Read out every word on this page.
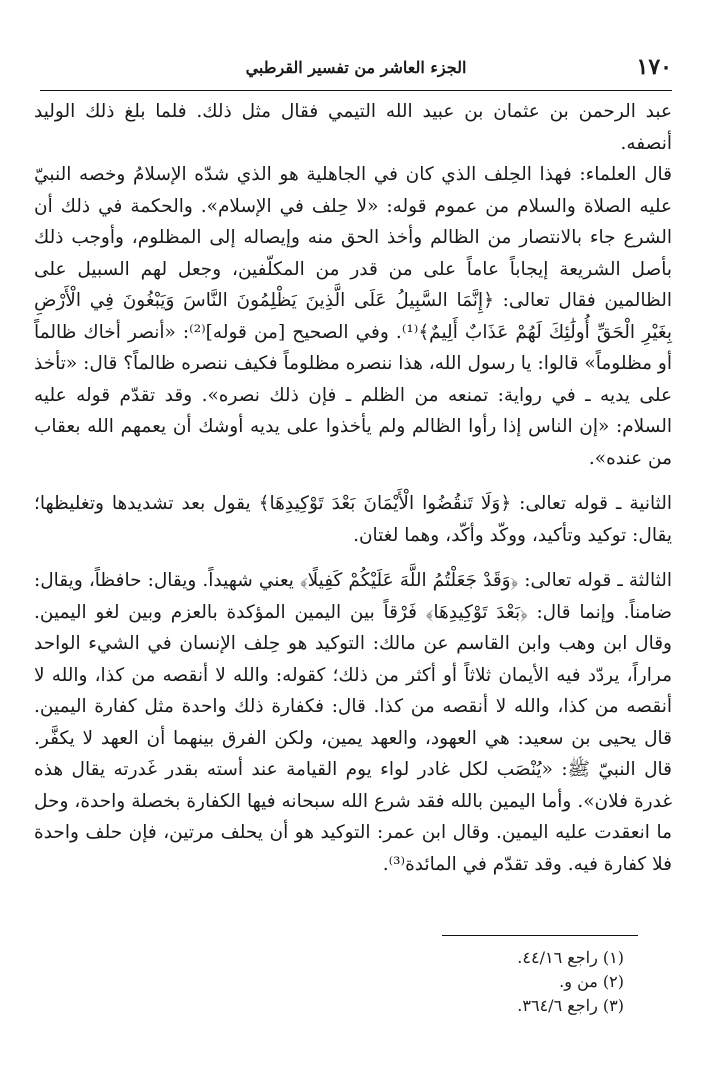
١٧٠
الجزء العاشر من تفسير القرطبي

عبد الرحمن بن عثمان بن عبيد الله التيمي فقال مثل ذلك. فلما بلغ ذلك الوليد أنصفه.

قال العلماء: فهذا الحِلف الذي كان في الجاهلية هو الذي شدّه الإسلامُ وخصه النبيّ عليه الصلاة والسلام من عموم قوله: «لا حِلف في الإسلام». والحكمة في ذلك أن الشرع جاء بالانتصار من الظالم وأخذ الحق منه وإيصاله إلى المظلوم، وأوجب ذلك بأصل الشريعة إيجاباً عاماً على من قدر من المكلّفين، وجعل لهم السبيل على الظالمين فقال تعالى: ﴿إِنَّمَا السَّبِيلُ عَلَى الَّذِينَ يَظْلِمُونَ النَّاسَ وَيَبْغُونَ فِي الْأَرْضِ بِغَيْرِ الْحَقِّ أُولَٰئِكَ لَهُمْ عَذَابٌ أَلِيمٌ﴾⁽¹⁾. وفي الصحيح [من قوله]⁽²⁾: «أنصر أخاك ظالماً أو مظلوماً» قالوا: يا رسول الله، هذا ننصره مظلوماً فكيف ننصره ظالماً؟ قال: «تأخذ على يديه ـ في رواية: تمنعه من الظلم ـ فإن ذلك نصره». وقد تقدّم قوله عليه السلام: «إن الناس إذا رأوا الظالم ولم يأخذوا على يديه أوشك أن يعمهم الله بعقاب من عنده».

الثانية ـ قوله تعالى: ﴿وَلَا تَنقُضُوا الْأَيْمَانَ بَعْدَ تَوْكِيدِهَا﴾ يقول بعد تشديدها وتغليظها؛ يقال: توكيد وتأكيد، ووكّد وأكّد، وهما لغتان.

الثالثة ـ قوله تعالى: ﴿وَقَدْ جَعَلْتُمُ اللَّهَ عَلَيْكُمْ كَفِيلًا﴾ يعني شهيداً. ويقال: حافظاً، ويقال: ضامناً. وإنما قال: ﴿بَعْدَ تَوْكِيدِهَا﴾ فَرْقاً بين اليمين المؤكدة بالعزم وبين لغو اليمين. وقال ابن وهب وابن القاسم عن مالك: التوكيد هو حِلف الإنسان في الشيء الواحد مراراً، يردّد فيه الأيمان ثلاثاً أو أكثر من ذلك؛ كقوله: والله لا أنقصه من كذا، والله لا أنقصه من كذا، والله لا أنقصه من كذا. قال: فكفارة ذلك واحدة مثل كفارة اليمين. قال يحيى بن سعيد: هي العهود، والعهد يمين، ولكن الفرق بينهما أن العهد لا يكفَّر. قال النبيّ ﷺ: «يُنْصَب لكل غادر لواء يوم القيامة عند أسته بقدر غَدرته يقال هذه غدرة فلان». وأما اليمين بالله فقد شرع الله سبحانه فيها الكفارة بخصلة واحدة، وحل ما انعقدت عليه اليمين. وقال ابن عمر: التوكيد هو أن يحلف مرتين، فإن حلف واحدة فلا كفارة فيه. وقد تقدّم في المائدة⁽³⁾.

(١) راجع ٤٤/١٦.
(٢) من و.
(٣) راجع ٣٦٤/٦.
